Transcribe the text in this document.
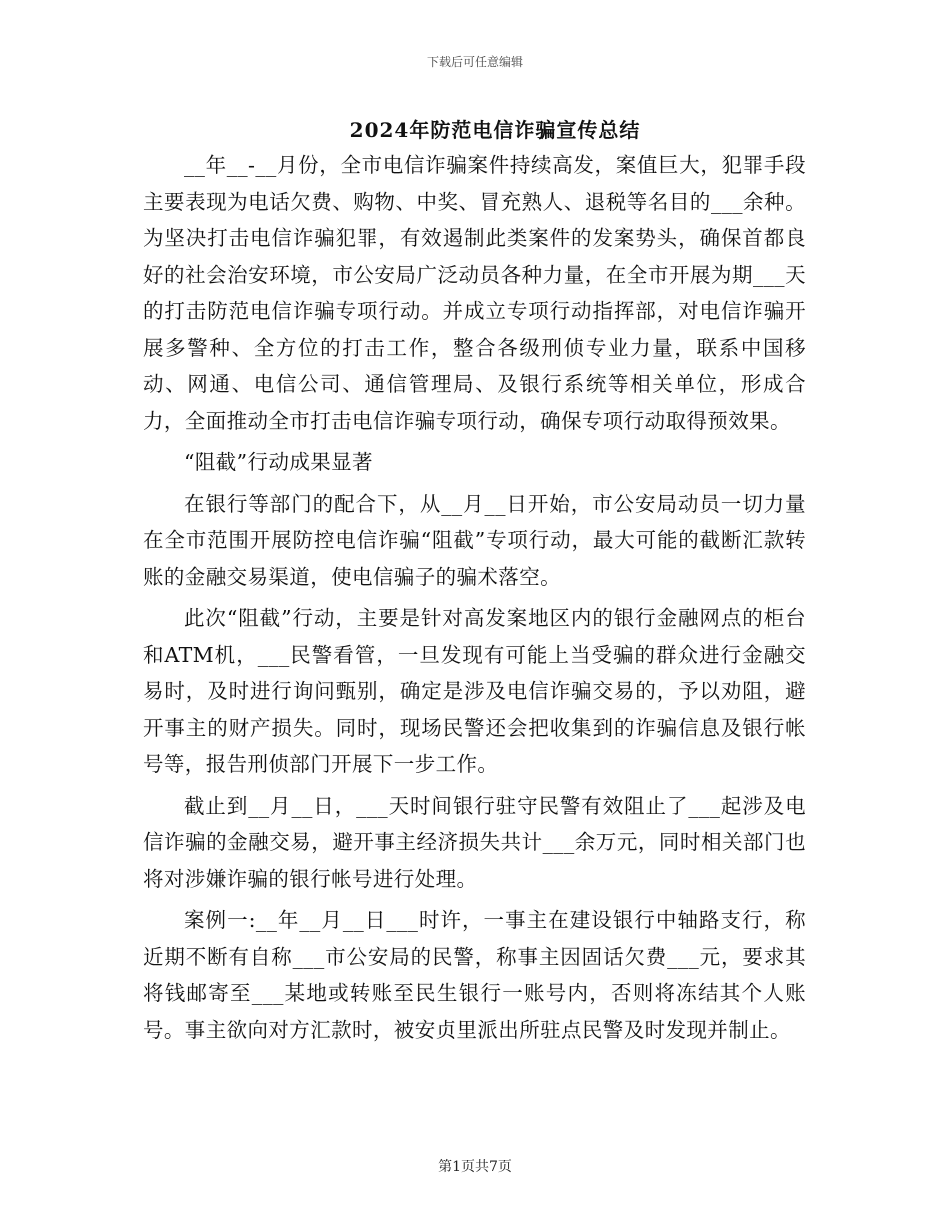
下载后可任意编辑
2024年防范电信诈骗宣传总结

__年__-__月份，全市电信诈骗案件持续高发，案值巨大，犯罪手段主要表现为电话欠费、购物、中奖、冒充熟人、退税等名目的___余种。为坚决打击电信诈骗犯罪，有效遏制此类案件的发案势头，确保首都良好的社会治安环境，市公安局广泛动员各种力量，在全市开展为期___天的打击防范电信诈骗专项行动。并成立专项行动指挥部，对电信诈骗开展多警种、全方位的打击工作，整合各级刑侦专业力量，联系中国移动、网通、电信公司、通信管理局、及银行系统等相关单位，形成合力，全面推动全市打击电信诈骗专项行动，确保专项行动取得预效果。

“阻截”行动成果显著

在银行等部门的配合下，从__月__日开始，市公安局动员一切力量在全市范围开展防控电信诈骗“阻截”专项行动，最大可能的截断汇款转账的金融交易渠道，使电信骗子的骗术落空。

此次“阻截”行动，主要是针对高发案地区内的银行金融网点的柜台和ATM机，___民警看管，一旦发现有可能上当受骗的群众进行金融交易时，及时进行询问甄别，确定是涉及电信诈骗交易的，予以劝阻，避开事主的财产损失。同时，现场民警还会把收集到的诈骗信息及银行帐号等，报告刑侦部门开展下一步工作。

截止到__月__日，___天时间银行驻守民警有效阻止了___起涉及电信诈骗的金融交易，避开事主经济损失共计___余万元，同时相关部门也将对涉嫌诈骗的银行帐号进行处理。

案例一:__年__月__日___时许，一事主在建设银行中轴路支行，称近期不断有自称___市公安局的民警，称事主因固话欠费___元，要求其将钱邮寄至___某地或转账至民生银行一账号内，否则将冻结其个人账号。事主欲向对方汇款时，被安贞里派出所驻点民警及时发现并制止。

第1页共7页
